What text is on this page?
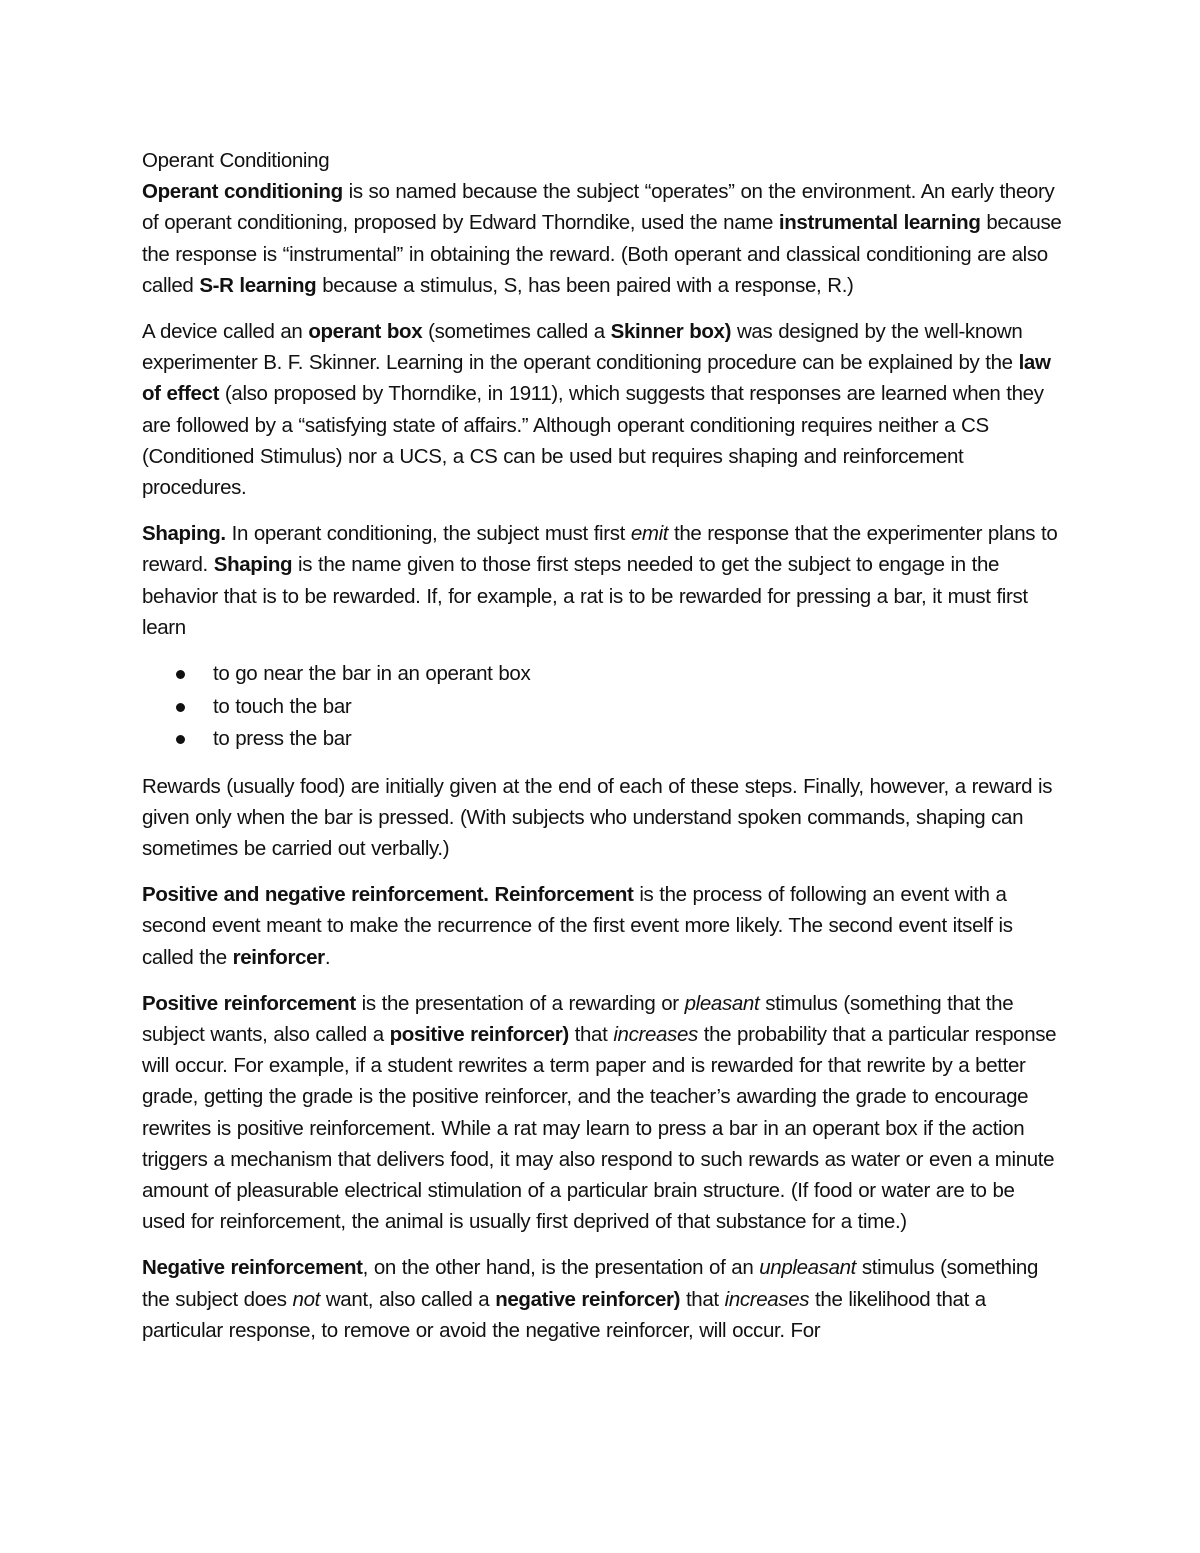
Operant Conditioning

Operant conditioning is so named because the subject “operates” on the environment. An early theory of operant conditioning, proposed by Edward Thorndike, used the name instrumental learning because the response is “instrumental” in obtaining the reward. (Both operant and classical conditioning are also called S-R learning because a stimulus, S, has been paired with a response, R.)

A device called an operant box (sometimes called a Skinner box) was designed by the well-known experimenter B. F. Skinner. Learning in the operant conditioning procedure can be explained by the law of effect (also proposed by Thorndike, in 1911), which suggests that responses are learned when they are followed by a “satisfying state of affairs.” Although operant conditioning requires neither a CS (Conditioned Stimulus) nor a UCS, a CS can be used but requires shaping and reinforcement procedures.

Shaping. In operant conditioning, the subject must first emit the response that the experimenter plans to reward. Shaping is the name given to those first steps needed to get the subject to engage in the behavior that is to be rewarded. If, for example, a rat is to be rewarded for pressing a bar, it must first learn

to go near the bar in an operant box
to touch the bar
to press the bar

Rewards (usually food) are initially given at the end of each of these steps. Finally, however, a reward is given only when the bar is pressed. (With subjects who understand spoken commands, shaping can sometimes be carried out verbally.)

Positive and negative reinforcement. Reinforcement is the process of following an event with a second event meant to make the recurrence of the first event more likely. The second event itself is called the reinforcer.

Positive reinforcement is the presentation of a rewarding or pleasant stimulus (something that the subject wants, also called a positive reinforcer) that increases the probability that a particular response will occur. For example, if a student rewrites a term paper and is rewarded for that rewrite by a better grade, getting the grade is the positive reinforcer, and the teacher’s awarding the grade to encourage rewrites is positive reinforcement. While a rat may learn to press a bar in an operant box if the action triggers a mechanism that delivers food, it may also respond to such rewards as water or even a minute amount of pleasurable electrical stimulation of a particular brain structure. (If food or water are to be used for reinforcement, the animal is usually first deprived of that substance for a time.)

Negative reinforcement, on the other hand, is the presentation of an unpleasant stimulus (something the subject does not want, also called a negative reinforcer) that increases the likelihood that a particular response, to remove or avoid the negative reinforcer, will occur. For
